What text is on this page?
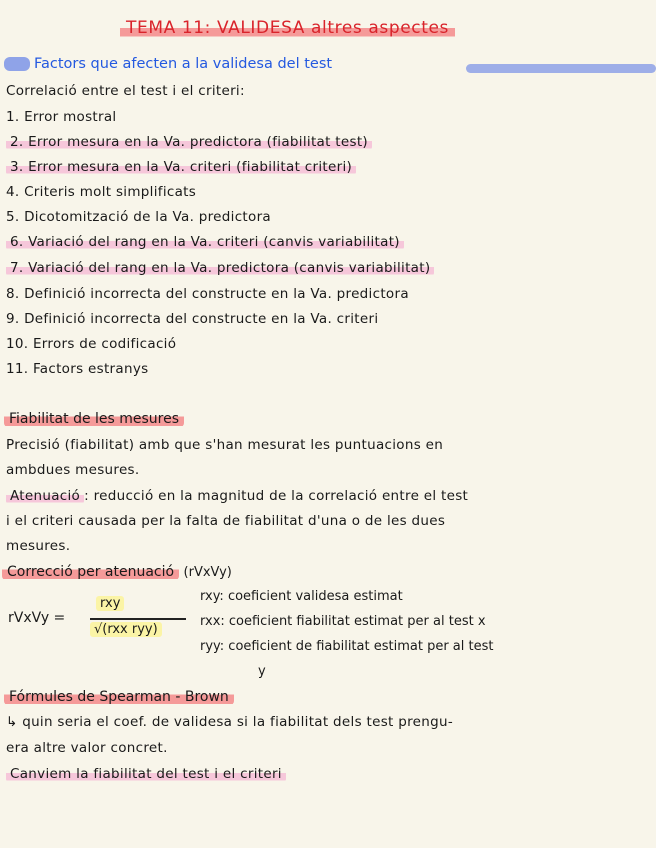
TEMA 11: VALIDESA altres aspectes
Factors que afecten a la validesa del test
Correlació entre el test i el criteri:
1. Error mostral
2. Error mesura en la Va. predictora (fiabilitat test)
3. Error mesura en la Va. criteri (fiabilitat criteri)
4. Criteris molt simplificats
5. Dicotomització de la Va. predictora
6. Variació del rang en la Va. criteri (canvis variabilitat)
7. Variació del rang en la Va. predictora (canvis variabilitat)
8. Definició incorrecta del constructe en la Va. predictora
9. Definició incorrecta del constructe en la Va. criteri
10. Errors de codificació
11. Factors estranys
Fiabilitat de les mesures
Precisió (fiabilitat) amb que s'han mesurat les puntuacions en
ambdues mesures.
Atenuació : reducció en la magnitud de la correlació entre el test
i el criteri causada per la falta de fiabilitat d'una o de les dues
mesures.
Correcció per atenuació (rVxVy)
rVxVy =
rxy
√(rxx ryy)
rxy: coeficient validesa estimat
rxx: coeficient fiabilitat estimat per al test x
ryy: coeficient de fiabilitat estimat per al test
y
Fórmules de Spearman - Brown
↳ quin seria el coef. de validesa si la fiabilitat dels test prengu-
era altre valor concret.
Canviem la fiabilitat del test i el criteri
